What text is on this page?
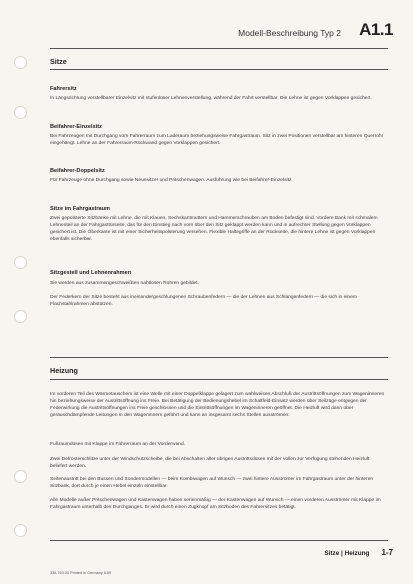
Modell-Beschreibung Typ 2 A1.1
Sitze
Fahrersitz
In Längsrichtung verstellbarer Einzelsitz mit stufenloser Lehnenverstellung, während der Fahrt verstellbar. Die Lehne ist gegen Vorklappen gesichert.
Beifahrer-Einzelsitz
Bei Fahrzeugen mit Durchgang vom Fahrerraum zum Laderaum beziehungsweise Fahrgastraum. Sitz in zwei Positionen verstellbar am hinteren Querrohr eingehängt. Lehne an der Fahrerraum-Rückwand gegen Vorklappen gesichert.
Beifahrer-Doppelsitz
Für Fahrzeuge ohne Durchgang sowie Neunsitzer und Pritschenwagen. Ausführung wie bei Beifahrer-Einzelsitz.
Sitze im Fahrgastraum
Zwei gepolsterte Sitzbänke mit Lehne, die mit Klauen, Sechskantmuttern und Hammerschrauben am Boden befestigt sind. Vordere Bank mit schmalem Lehnenteil an der Fahrgasttürseite, das für den Einstieg nach vorn über den Sitz geklappt werden kann und in aufrechter Stellung gegen Vorklappen gesichert ist. Die Oberkante ist mit einer Sicherheitspolsterung versehen. Flexible Haltegriffe an der Rückseite, die hintere Lehne ist gegen Vorklappen ebenfalls sicherbar.
Sitzgestell und Lehnenrahmen
Sie werden aus zusammengeschweißten nahtlosen Rohren gebildet.
Der Federkern der Sitze besteht aus ineinandergeschlungenen Schraubenfedern — die der Lehnen aus Schlangenfedern — die sich in einem Flachstahlrahmen abstützen.
Heizung
Im vorderen Teil des Wärmetauschers ist eine Welle mit einer Doppelklappe gelagert zum wahlweisen Abschluß der Austrittsöffnungen zum Wageninneren hin beziehungsweise der Austrittsöffnung ins Freie. Bei Betätigung der Bedienungshebel im Schaltfeld-Einsatz werden über Seilzüge entgegen der Federwirkung die Austrittsöffnungen ins Freie geschlossen und die Eintrittsöffnungen im Wageninneren geöffnet. Die Heizluft wird dann über geräuschdämpfende Leitungen in den Wageninnern geführt und kann an insgesamt sechs Stellen ausströmen:
Fußraumdüsen mit Klappe im Fahrerraum an der Vorderwand.
Zwei Defrosterschlitze unter der Windschutzscheibe, die bei Abschalten aller übrigen Austrittsdüsen mit der vollen zur Verfügung stehenden Heizluft beliefert werden.
Seitenaustritt bei den Bussen und Sondermodellen — beim Kombiwagen auf Wunsch — zwei hintere Ausströmer im Fahrgastraum unter der hinteren Sitzbank, dort durch je einen Hebel einzeln einstellbar.
Alle Modelle außer Pritschenwagen und Kastenwagen haben serienmäßig — der Kastenwagen auf Wunsch — einen vorderen Ausströmer mit Klappe im Fahrgastraum unterhalb des Durchganges. Er wird durch einen Zugknopf am Sitzboden des Fahrersitzes betätigt.
Sitze | Heizung 1-7
338.763.00 Printed in Germany 8.69
